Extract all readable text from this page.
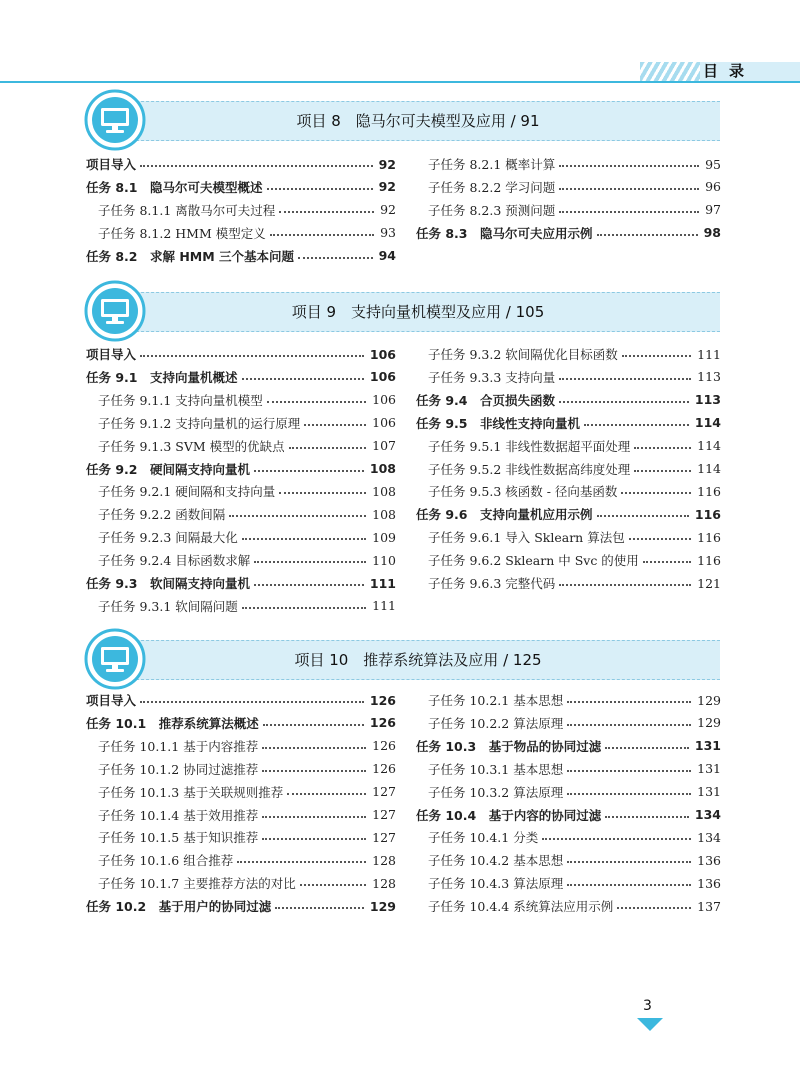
目录
项目 8　隐马尔可夫模型及应用 / 91
项目导入	92
任务 8.1　隐马尔可夫模型概述	92
子任务 8.1.1 离散马尔可夫过程	92
子任务 8.1.2 HMM 模型定义	93
任务 8.2　求解 HMM 三个基本问题	94
子任务 8.2.1 概率计算	95
子任务 8.2.2 学习问题	96
子任务 8.2.3 预测问题	97
任务 8.3　隐马尔可夫应用示例	98
项目 9　支持向量机模型及应用 / 105
项目导入	106
任务 9.1　支持向量机概述	106
子任务 9.1.1 支持向量机模型	106
子任务 9.1.2 支持向量机的运行原理	106
子任务 9.1.3 SVM 模型的优缺点	107
任务 9.2　硬间隔支持向量机	108
子任务 9.2.1 硬间隔和支持向量	108
子任务 9.2.2 函数间隔	108
子任务 9.2.3 间隔最大化	109
子任务 9.2.4 目标函数求解	110
任务 9.3　软间隔支持向量机	111
子任务 9.3.1 软间隔问题	111
子任务 9.3.2 软间隔优化目标函数	111
子任务 9.3.3 支持向量	113
任务 9.4　合页损失函数	113
任务 9.5　非线性支持向量机	114
子任务 9.5.1 非线性数据超平面处理	114
子任务 9.5.2 非线性数据高纬度处理	114
子任务 9.5.3 核函数 - 径向基函数	116
任务 9.6　支持向量机应用示例	116
子任务 9.6.1 导入 Sklearn 算法包	116
子任务 9.6.2 Sklearn 中 Svc 的使用	116
子任务 9.6.3 完整代码	121
项目 10　推荐系统算法及应用 / 125
项目导入	126
任务 10.1　推荐系统算法概述	126
子任务 10.1.1 基于内容推荐	126
子任务 10.1.2 协同过滤推荐	126
子任务 10.1.3 基于关联规则推荐	127
子任务 10.1.4 基于效用推荐	127
子任务 10.1.5 基于知识推荐	127
子任务 10.1.6 组合推荐	128
子任务 10.1.7 主要推荐方法的对比	128
任务 10.2　基于用户的协同过滤	129
子任务 10.2.1 基本思想	129
子任务 10.2.2 算法原理	129
任务 10.3　基于物品的协同过滤	131
子任务 10.3.1 基本思想	131
子任务 10.3.2 算法原理	131
任务 10.4　基于内容的协同过滤	134
子任务 10.4.1 分类	134
子任务 10.4.2 基本思想	136
子任务 10.4.3 算法原理	136
子任务 10.4.4 系统算法应用示例	137
3
